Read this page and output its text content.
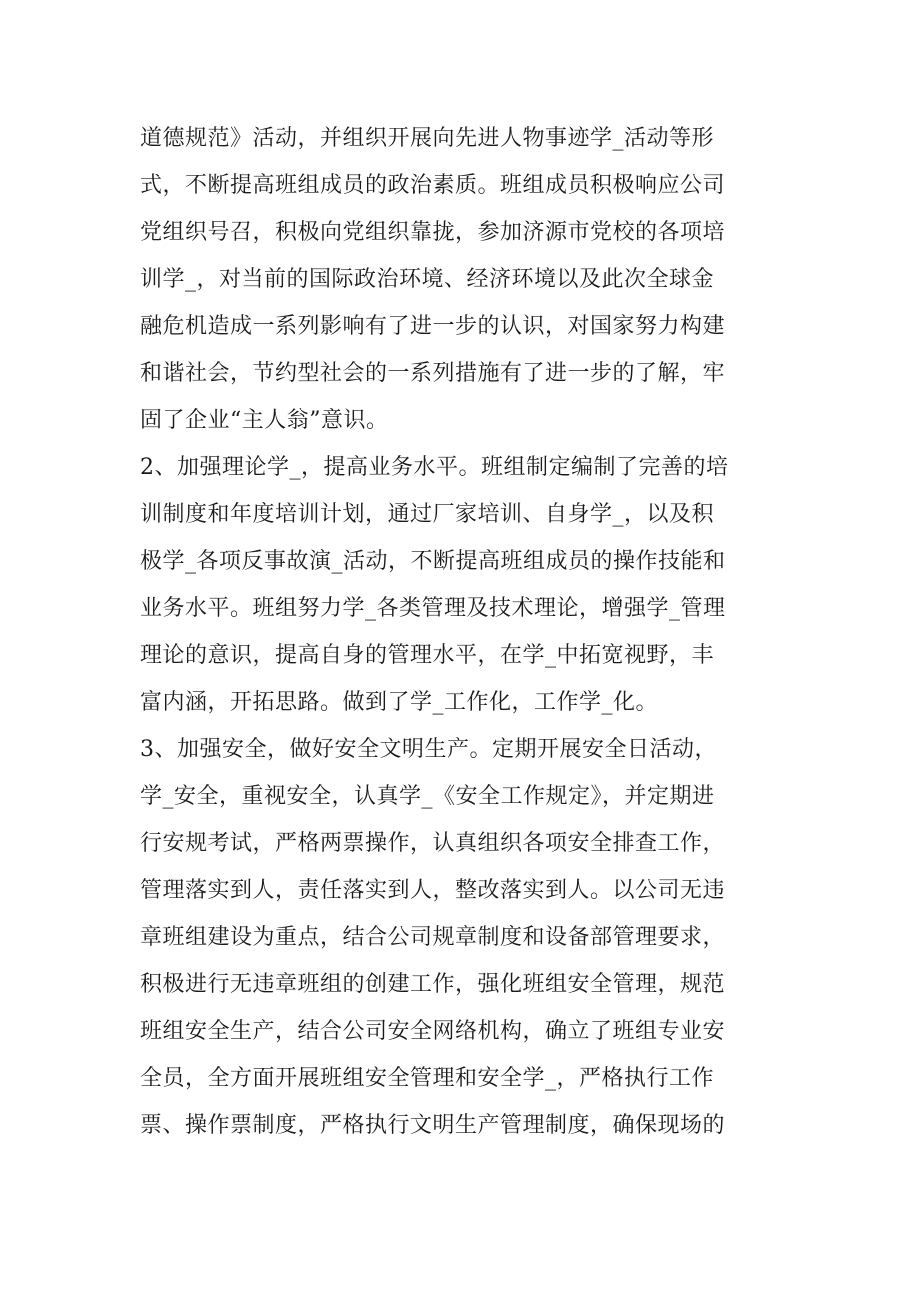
道德规范》活动，并组织开展向先进人物事迹学_活动等形
式，不断提高班组成员的政治素质。班组成员积极响应公司
党组织号召，积极向党组织靠拢，参加济源市党校的各项培
训学_，对当前的国际政治环境、经济环境以及此次全球金
融危机造成一系列影响有了进一步的认识，对国家努力构建
和谐社会，节约型社会的一系列措施有了进一步的了解，牢
固了企业“主人翁”意识。
2、加强理论学_，提高业务水平。班组制定编制了完善的培
训制度和年度培训计划，通过厂家培训、自身学_，以及积
极学_各项反事故演_活动，不断提高班组成员的操作技能和
业务水平。班组努力学_各类管理及技术理论，增强学_管理
理论的意识，提高自身的管理水平，在学_中拓宽视野，丰
富内涵，开拓思路。做到了学_工作化，工作学_化。
3、加强安全，做好安全文明生产。定期开展安全日活动，
学_安全，重视安全，认真学_《安全工作规定》，并定期进
行安规考试，严格两票操作，认真组织各项安全排查工作，
管理落实到人，责任落实到人，整改落实到人。以公司无违
章班组建设为重点，结合公司规章制度和设备部管理要求，
积极进行无违章班组的创建工作，强化班组安全管理，规范
班组安全生产，结合公司安全网络机构，确立了班组专业安
全员，全方面开展班组安全管理和安全学_，严格执行工作
票、操作票制度，严格执行文明生产管理制度，确保现场的
